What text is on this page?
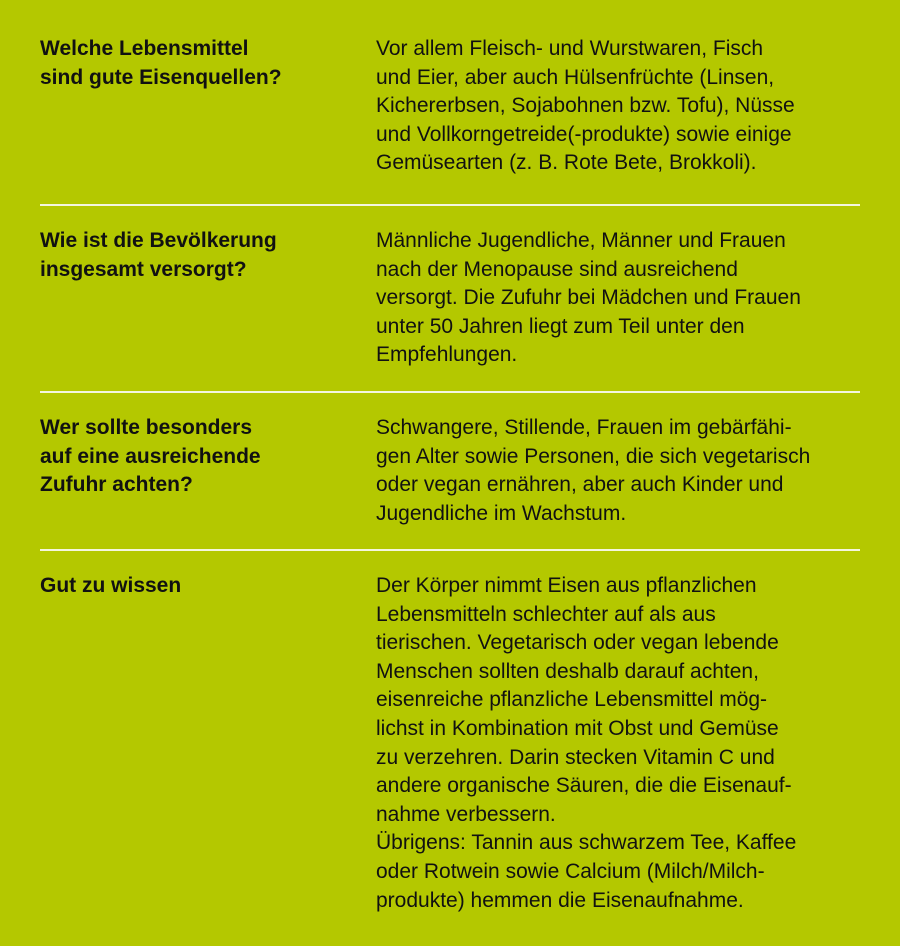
Welche Lebensmittel
sind gute Eisenquellen?
Vor allem Fleisch- und Wurstwaren, Fisch
und Eier, aber auch Hülsenfrüchte (Linsen,
Kichererbsen, Sojabohnen bzw. Tofu), Nüsse
und Vollkorngetreide(-produkte) sowie einige
Gemüsearten (z. B. Rote Bete, Brokkoli).
Wie ist die Bevölkerung
insgesamt versorgt?
Männliche Jugendliche, Männer und Frauen
nach der Menopause sind ausreichend
versorgt. Die Zufuhr bei Mädchen und Frauen
unter 50 Jahren liegt zum Teil unter den
Empfehlungen.
Wer sollte besonders
auf eine ausreichende
Zufuhr achten?
Schwangere, Stillende, Frauen im gebärfähi-
gen Alter sowie Personen, die sich vegetarisch
oder vegan ernähren, aber auch Kinder und
Jugendliche im Wachstum.
Gut zu wissen	Der Körper nimmt Eisen aus pflanzlichen
Lebensmitteln schlechter auf als aus
tierischen. Vegetarisch oder vegan lebende
Menschen sollten deshalb darauf achten,
eisenreiche pflanzliche Lebensmittel mög-
lichst in Kombination mit Obst und Gemüse
zu verzehren. Darin stecken Vitamin C und
andere organische Säuren, die die Eisenauf-
nahme verbessern.
Übrigens: Tannin aus schwarzem Tee, Kaffee
oder Rotwein sowie Calcium (Milch/Milch-
produkte) hemmen die Eisenaufnahme.
